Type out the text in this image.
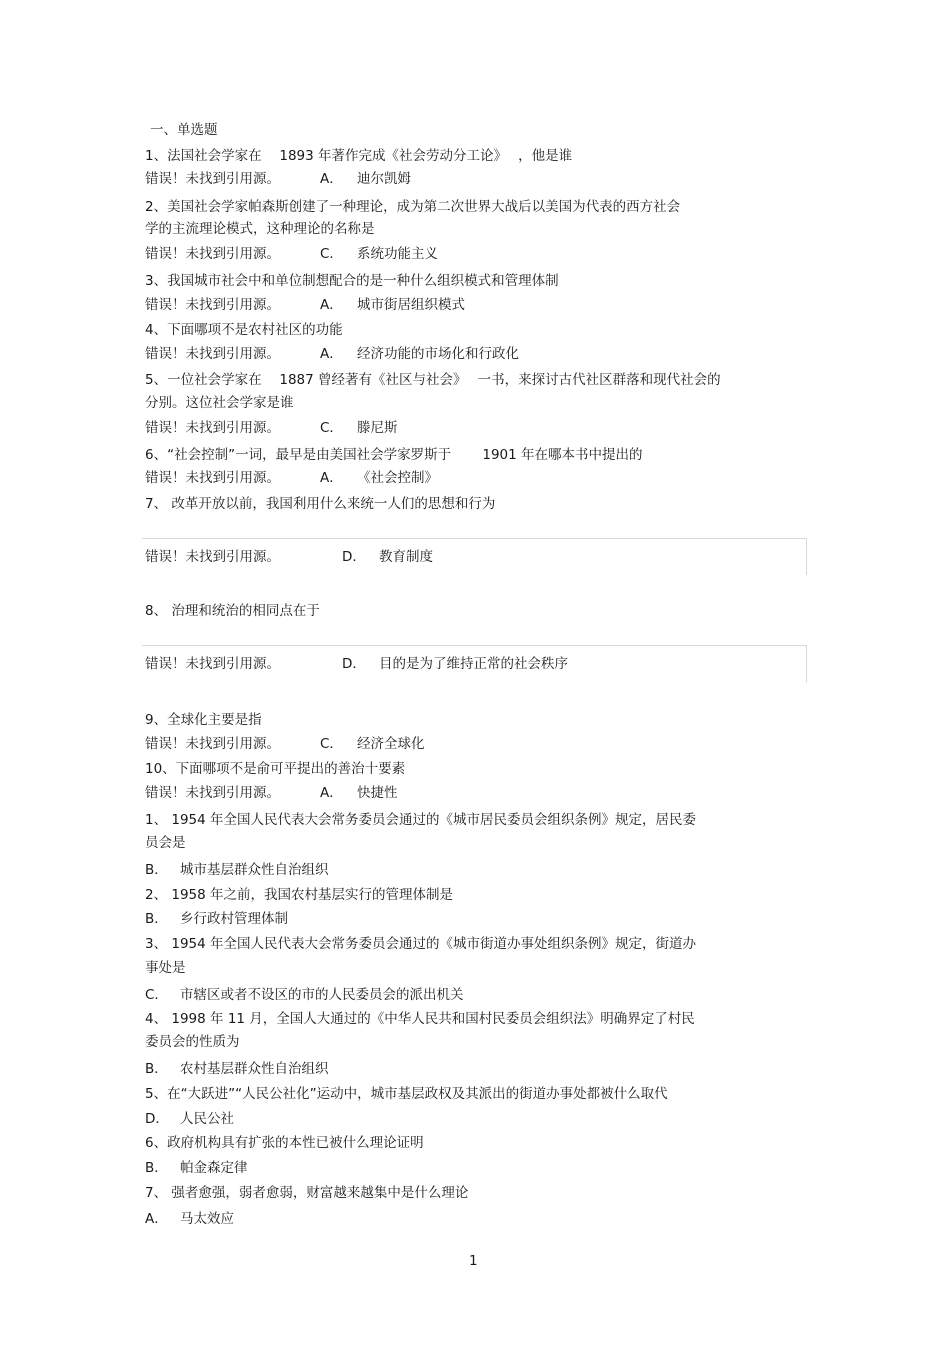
一、单选题
1、法国社会学家在　 1893 年著作完成《社会劳动分工论》　 ，他是谁
错误！未找到引用源。	A． 迪尔凯姆
2、美国社会学家帕森斯创建了一种理论，成为第二次世界大战后以美国为代表的西方社会
学的主流理论模式，这种理论的名称是
错误！未找到引用源。	C． 系统功能主义
3、我国城市社会中和单位制想配合的是一种什么组织模式和管理体制
错误！未找到引用源。	A． 城市街居组织模式
4、下面哪项不是农村社区的功能
错误！未找到引用源。	A． 经济功能的市场化和行政化
5、一位社会学家在　 1887 曾经著有《社区与社会》　 一书，来探讨古代社区群落和现代社会的
分别。这位社会学家是谁
错误！未找到引用源。	C． 滕尼斯
6、“社会控制”一词，最早是由美国社会学家罗斯于　　 1901 年在哪本书中提出的
错误！未找到引用源。	A． 《社会控制》
7、 改革开放以前，我国利用什么来统一人们的思想和行为
错误！未找到引用源。	D． 教育制度
8、 治理和统治的相同点在于
错误！未找到引用源。	D． 目的是为了维持正常的社会秩序
9、全球化主要是指
错误！未找到引用源。	C． 经济全球化
10、下面哪项不是俞可平提出的善治十要素
错误！未找到引用源。	A． 快捷性
1、 1954 年全国人民代表大会常务委员会通过的《城市居民委员会组织条例》规定，居民委
员会是
B． 城市基层群众性自治组织
2、 1958 年之前，我国农村基层实行的管理体制是
B． 乡行政村管理体制
3、 1954 年全国人民代表大会常务委员会通过的《城市街道办事处组织条例》规定，街道办
事处是
C． 市辖区或者不设区的市的人民委员会的派出机关
4、 1998 年 11 月，全国人大通过的《中华人民共和国村民委员会组织法》明确界定了村民
委员会的性质为
B． 农村基层群众性自治组织
5、在“大跃进”“人民公社化”运动中，城市基层政权及其派出的街道办事处都被什么取代
D． 人民公社
6、政府机构具有扩张的本性已被什么理论证明
B． 帕金森定律
7、 强者愈强，弱者愈弱，财富越来越集中是什么理论
A． 马太效应
1
